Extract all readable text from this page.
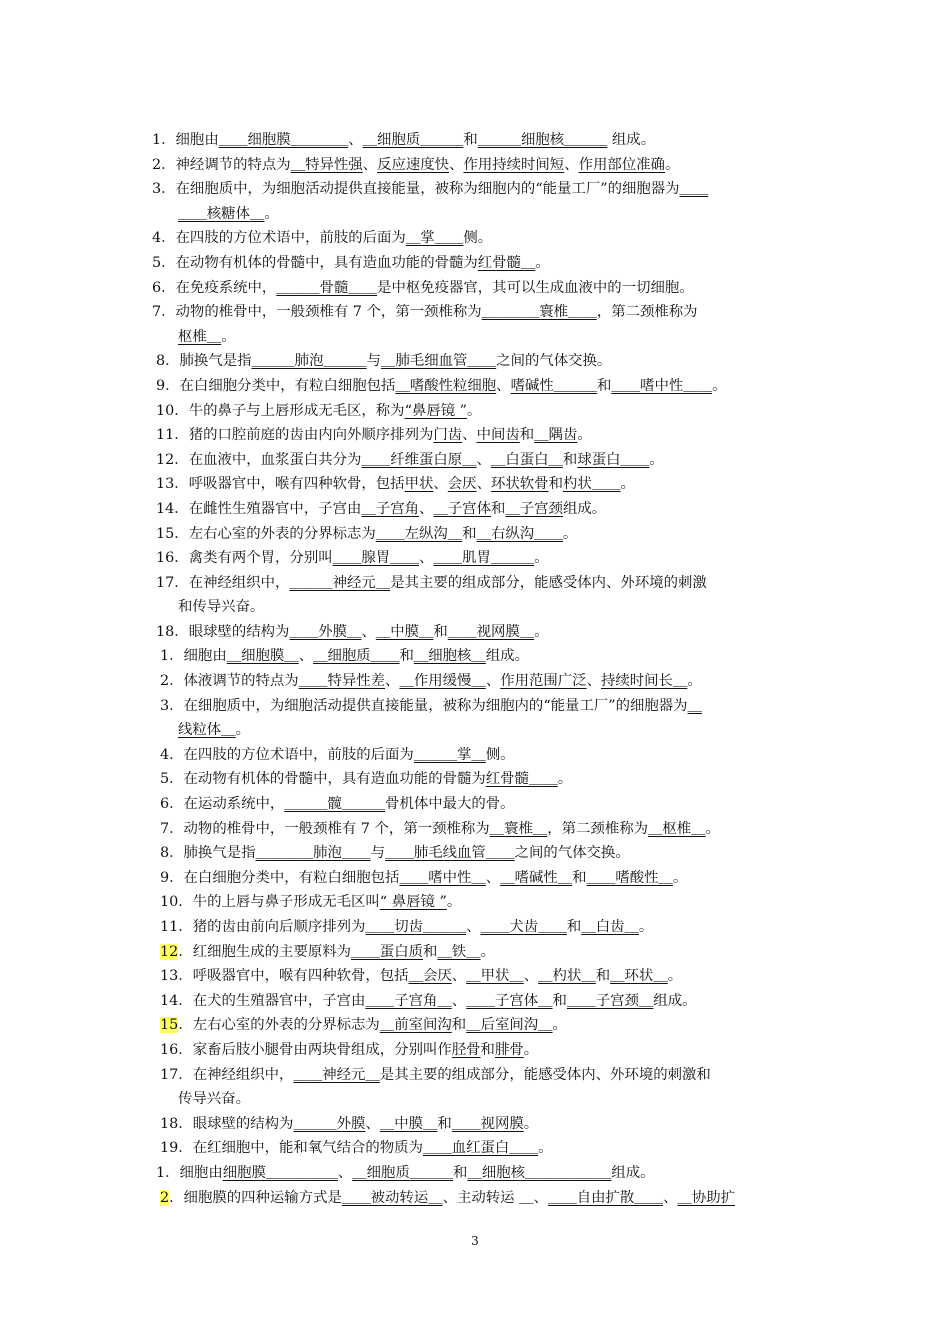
1．细胞由＿＿细胞膜＿＿＿＿、＿细胞质＿＿＿和＿＿＿细胞核＿＿＿ 组成。
2．神经调节的特点为＿特异性强、反应速度快、作用持续时间短、作用部位准确。
3．在细胞质中，为细胞活动提供直接能量，被称为细胞内的“能量工厂”的细胞器为＿＿
＿＿核糖体＿。
4．在四肢的方位术语中，前肢的后面为＿掌＿＿侧。
5．在动物有机体的骨髓中，具有造血功能的骨髓为红骨髓＿。
6．在免疫系统中，＿＿＿骨髓＿＿是中枢免疫器官，其可以生成血液中的一切细胞。
7．动物的椎骨中，一般颈椎有 7 个，第一颈椎称为＿＿＿＿寰椎＿＿，第二颈椎称为
枢椎＿。
8．肺换气是指＿＿＿肺泡＿＿＿与＿肺毛细血管＿＿之间的气体交换。
9．在白细胞分类中，有粒白细胞包括＿嗜酸性粒细胞、嗜碱性＿＿＿和＿＿嗜中性＿＿。
10．牛的鼻子与上唇形成无毛区，称为“鼻唇镜 ”。
11．猪的口腔前庭的齿由内向外顺序排列为门齿、中间齿和＿隅齿。
12．在血液中，血浆蛋白共分为＿＿纤维蛋白原＿、＿白蛋白＿和球蛋白＿＿。
13．呼吸器官中，喉有四种软骨，包括甲状、会厌、环状软骨和杓状＿＿。
14．在雌性生殖器官中，子宫由＿子宫角、＿子宫体和＿子宫颈组成。
15．左右心室的外表的分界标志为＿＿左纵沟＿和＿右纵沟＿＿。
16．禽类有两个胃，分别叫＿＿腺胃＿＿、＿＿肌胃＿＿＿。
17．在神经组织中，＿＿＿神经元＿是其主要的组成部分，能感受体内、外环境的刺激
和传导兴奋。
18．眼球壁的结构为＿＿外膜＿、＿中膜＿和＿＿视网膜＿。
1．细胞由＿细胞膜＿、＿细胞质＿＿和＿细胞核＿组成。
2．体液调节的特点为＿＿特异性差、＿作用缓慢＿、作用范围广泛、持续时间长＿。
3．在细胞质中，为细胞活动提供直接能量，被称为细胞内的“能量工厂”的细胞器为＿
线粒体＿。
4．在四肢的方位术语中，前肢的后面为＿＿＿掌＿侧。
5．在动物有机体的骨髓中，具有造血功能的骨髓为红骨髓＿＿。
6．在运动系统中，＿＿＿髋＿＿＿骨机体中最大的骨。
7．动物的椎骨中，一般颈椎有 7 个，第一颈椎称为＿寰椎＿，第二颈椎称为＿枢椎＿。
8．肺换气是指＿＿＿＿肺泡＿＿与＿＿肺毛线血管＿＿之间的气体交换。
9．在白细胞分类中，有粒白细胞包括＿＿嗜中性＿、＿嗜碱性＿和＿＿嗜酸性＿。
10．牛的上唇与鼻子形成无毛区叫“ 鼻唇镜 ”。
11．猪的齿由前向后顺序排列为＿＿切齿＿＿＿、＿＿犬齿＿＿和＿白齿＿。
12．红细胞生成的主要原料为＿＿蛋白质和＿铁＿。
13．呼吸器官中，喉有四种软骨，包括＿会厌、＿甲状＿、＿杓状＿和＿环状＿。
14．在犬的生殖器官中，子宫由＿＿子宫角＿、＿＿子宫体＿和＿＿子宫颈＿组成。
15．左右心室的外表的分界标志为＿前室间沟和＿后室间沟＿。
16．家畜后肢小腿骨由两块骨组成，分别叫作胫骨和腓骨。
17．在神经组织中，＿＿神经元＿是其主要的组成部分，能感受体内、外环境的刺激和
传导兴奋。
18．眼球壁的结构为＿＿＿外膜、＿中膜＿和＿＿视网膜。
19．在红细胞中，能和氧气结合的物质为＿＿血红蛋白＿＿。
1．细胞由细胞膜＿＿＿＿＿、＿细胞质＿＿＿和＿细胞核＿＿＿＿＿＿组成。
2．细胞膜的四种运输方式是＿＿被动转运＿、主动转运 ＿、＿＿自由扩散＿＿、＿协助扩
3
